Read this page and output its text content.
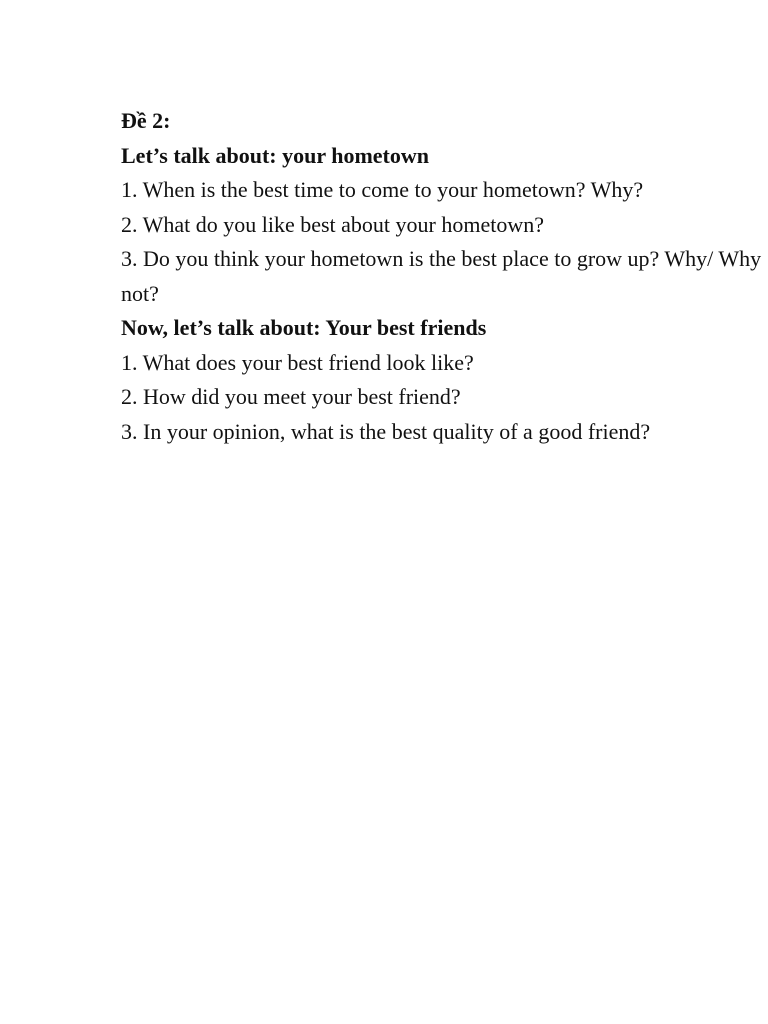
Đề 2:
Let’s talk about: your hometown
1. When is the best time to come to your hometown? Why?
2. What do you like best about your hometown?
3. Do you think your hometown is the best place to grow up? Why/ Why not?
Now, let’s talk about: Your best friends
1. What does your best friend look like?
2. How did you meet your best friend?
3. In your opinion, what is the best quality of a good friend?
